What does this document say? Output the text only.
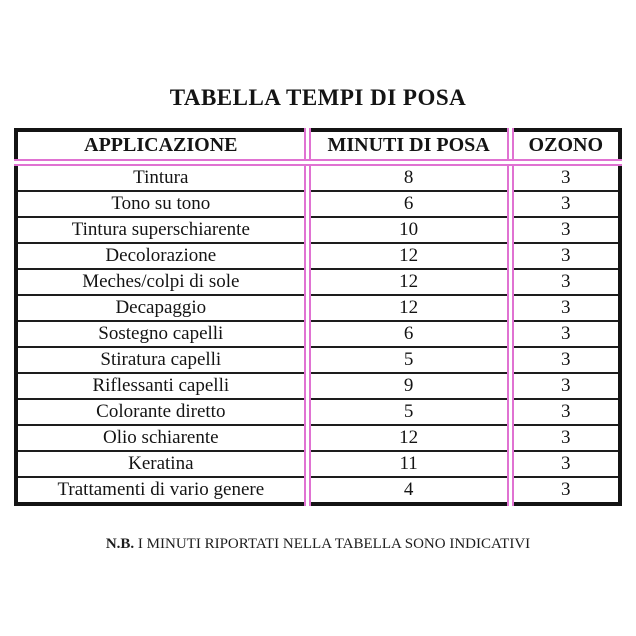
TABELLA TEMPI DI POSA
APPLICAZIONE	MINUTI DI POSA	OZONO
Tintura	8	3
Tono su tono	6	3
Tintura superschiarente	10	3
Decolorazione	12	3
Meches/colpi di sole	12	3
Decapaggio	12	3
Sostegno capelli	6	3
Stiratura capelli	5	3
Riflessanti capelli	9	3
Colorante diretto	5	3
Olio schiarente	12	3
Keratina	11	3
Trattamenti di vario genere	4	3

N.B. I MINUTI RIPORTATI NELLA TABELLA SONO INDICATIVI
